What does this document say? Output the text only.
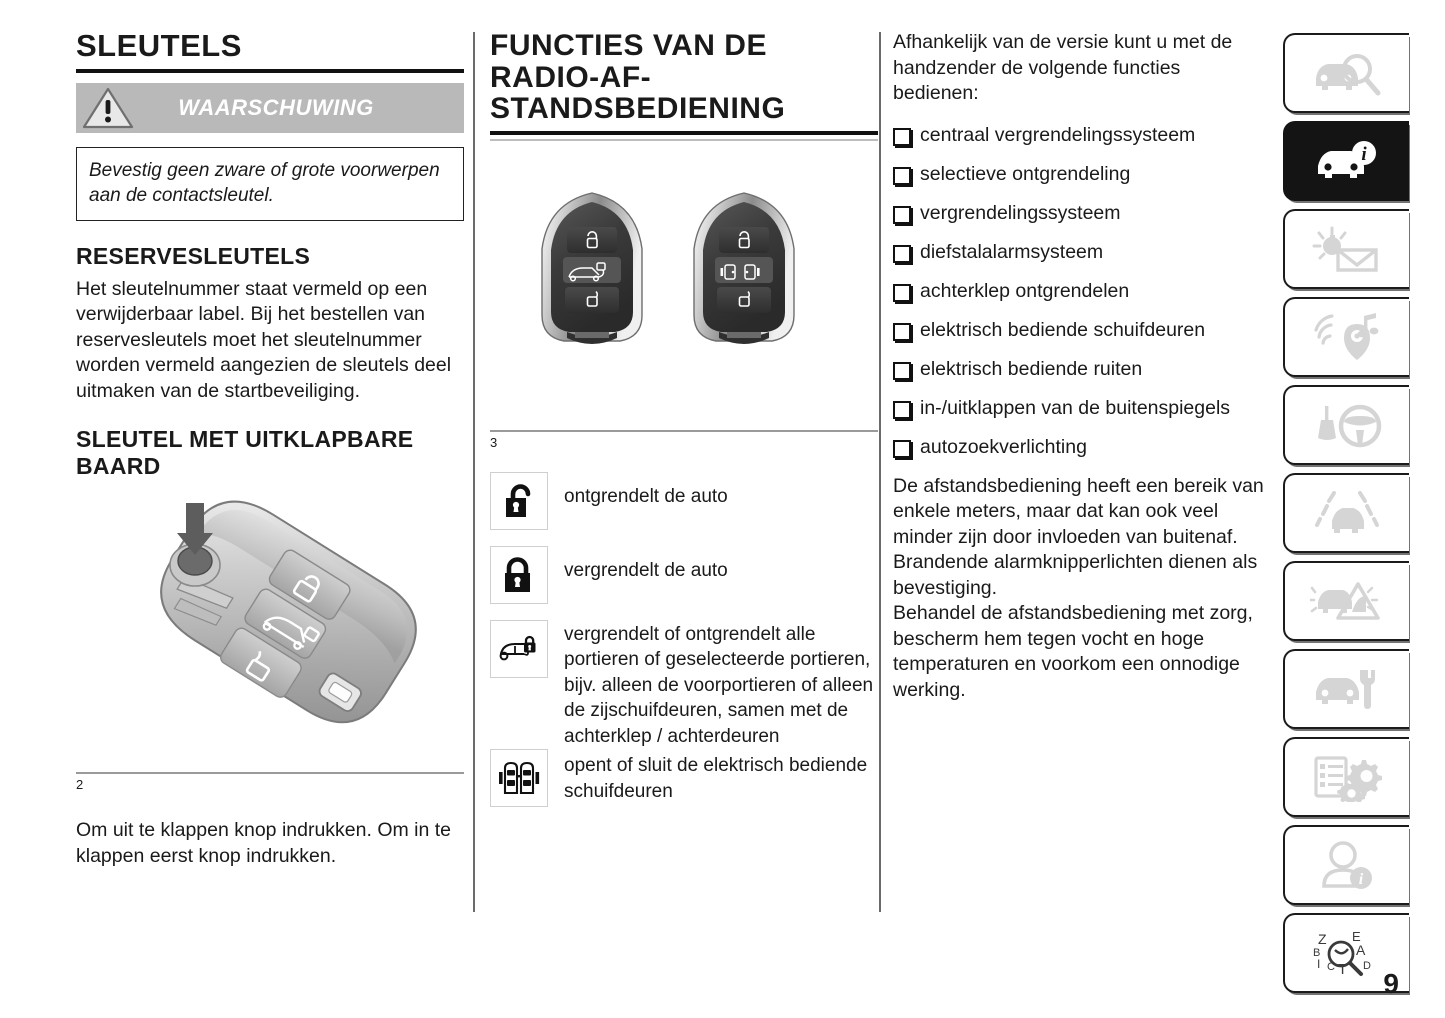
SLEUTELS
WAARSCHUWING
Bevestig geen zware of grote voorwerpen aan de contactsleutel.
RESERVESLEUTELS

Het sleutelnummer staat vermeld op een verwijderbaar label. Bij het bestellen van reservesleutels moet het sleutelnummer worden vermeld aangezien de sleutels deel uitmaken van de startbeveiliging.

SLEUTEL MET UITKLAPBARE BAARD
2

Om uit te klappen knop indrukken. Om in te klappen eerst knop indrukken.

FUNCTIES VAN DE RADIO-AF-STANDSBEDIENING
3
ontgrendelt de auto
vergrendelt de auto
vergrendelt of ontgrendelt alle portieren of geselecteerde portieren, bijv. alleen de voorportieren of alleen de zijschuifdeuren, samen met de achterklep / achterdeuren
opent of sluit de elektrisch bediende schuifdeuren

Afhankelijk van de versie kunt u met de handzender de volgende functies bedienen:

centraal vergrendelingssysteem
selectieve ontgrendeling
vergrendelingssysteem
diefstalalarmsysteem
achterklep ontgrendelen
elektrisch bediende schuifdeuren
elektrisch bediende ruiten
in-/uitklappen van de buitenspiegels
autozoekverlichting

De afstandsbediening heeft een bereik van enkele meters, maar dat kan ook veel minder zijn door invloeden van buitenaf.

Brandende alarmknipperlichten dienen als bevestiging.

Behandel de afstandsbediening met zorg, bescherm hem tegen vocht en hoge temperaturen en voorkom een onnodige werking.

i
i
Z
B
I C T
E
A
D
9
